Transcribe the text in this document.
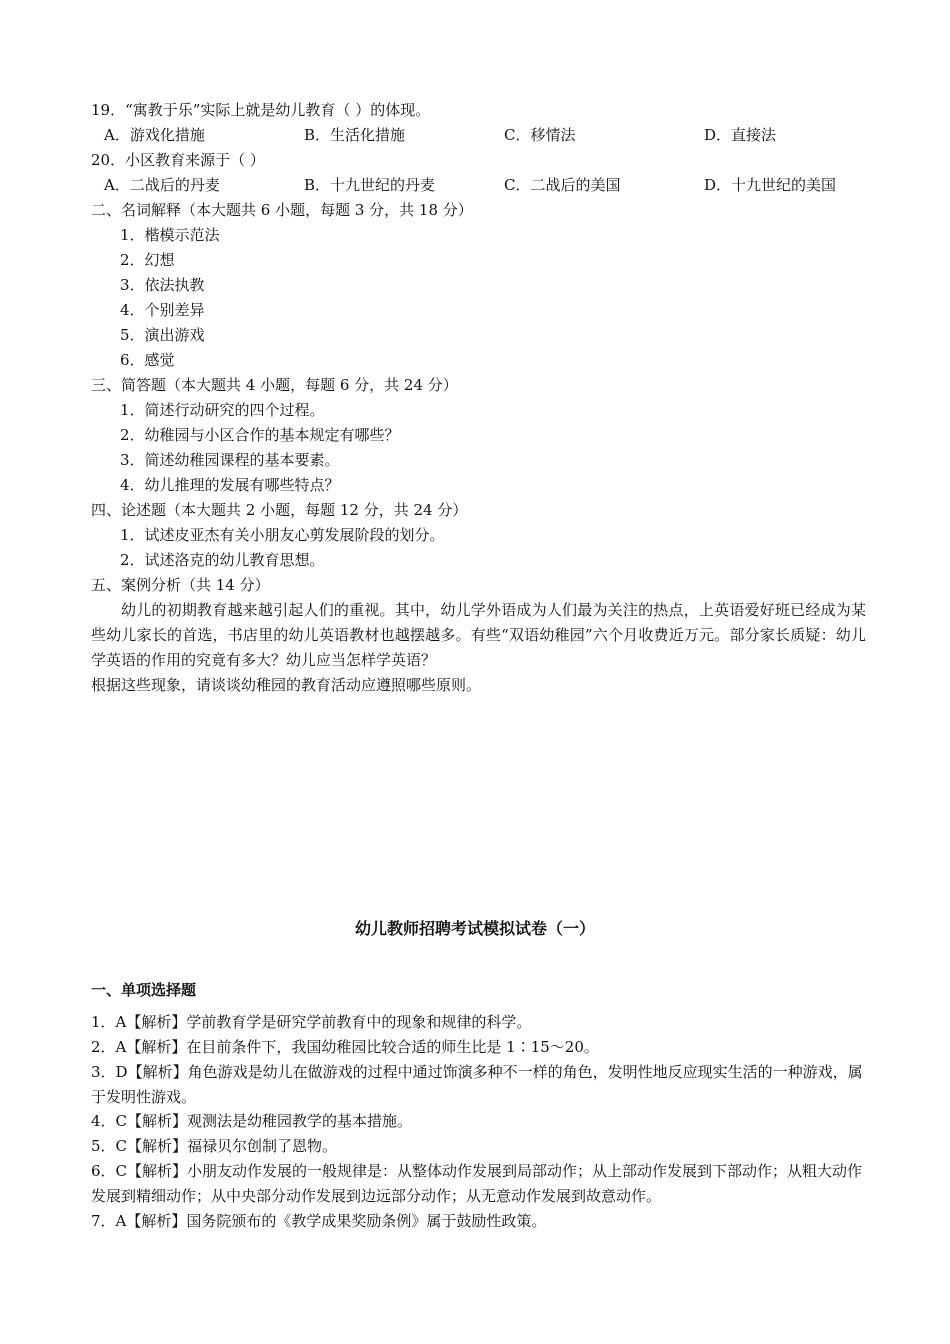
19．“寓教于乐”实际上就是幼儿教育（ ）的体现。
A．游戏化措施	B．生活化措施	C．移情法	D．直接法
20．小区教育来源于（ ）
A．二战后的丹麦	B．十九世纪的丹麦	C．二战后的美国	D．十九世纪的美国
二、名词解释（本大题共 6 小题，每题 3 分，共 18 分）
1．楷模示范法
2．幻想
3．依法执教
4．个别差异
5．演出游戏
6．感觉
三、简答题（本大题共 4 小题，每题 6 分，共 24 分）
1．简述行动研究的四个过程。
2．幼稚园与小区合作的基本规定有哪些？
3．简述幼稚园课程的基本要素。
4．幼儿推理的发展有哪些特点？
四、论述题（本大题共 2 小题，每题 12 分，共 24 分）
1．试述皮亚杰有关小朋友心剪发展阶段的划分。
2．试述洛克的幼儿教育思想。
五、案例分析（共 14 分）
幼儿的初期教育越来越引起人们的重视。其中，幼儿学外语成为人们最为关注的热点，上英语爱好班已经成为某些幼儿家长的首选，书店里的幼儿英语教材也越摆越多。有些“双语幼稚园”六个月收费近万元。部分家长质疑：幼儿学英语的作用的究竟有多大？幼儿应当怎样学英语？
根据这些现象，请谈谈幼稚园的教育活动应遵照哪些原则。
幼儿教师招聘考试模拟试卷（一）
一、单项选择题
1．A【解析】学前教育学是研究学前教育中的现象和规律的科学。
2．A【解析】在目前条件下，我国幼稚园比较合适的师生比是 1∶15～20。
3．D【解析】角色游戏是幼儿在做游戏的过程中通过饰演多种不一样的角色，发明性地反应现实生活的一种游戏，属于发明性游戏。
4．C【解析】观测法是幼稚园教学的基本措施。
5．C【解析】福禄贝尔创制了恩物。
6．C【解析】小朋友动作发展的一般规律是：从整体动作发展到局部动作；从上部动作发展到下部动作；从粗大动作发展到精细动作；从中央部分动作发展到边远部分动作；从无意动作发展到故意动作。
7．A【解析】国务院颁布的《教学成果奖励条例》属于鼓励性政策。
